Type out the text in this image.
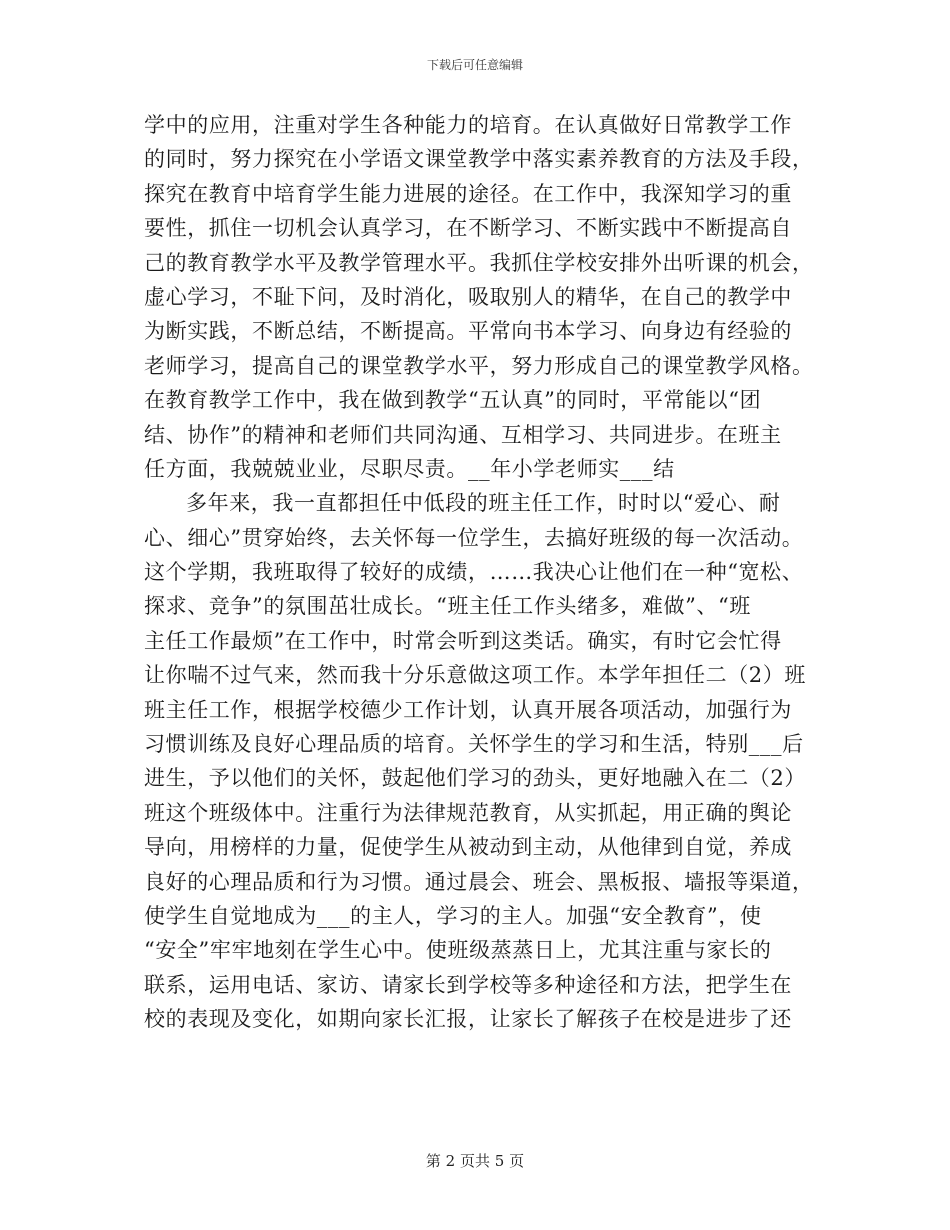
下载后可任意编辑
学中的应用，注重对学生各种能力的培育。在认真做好日常教学工作
的同时，努力探究在小学语文课堂教学中落实素养教育的方法及手段，
探究在教育中培育学生能力进展的途径。在工作中，我深知学习的重
要性，抓住一切机会认真学习，在不断学习、不断实践中不断提高自
己的教育教学水平及教学管理水平。我抓住学校安排外出听课的机会，
虚心学习，不耻下问，及时消化，吸取别人的精华，在自己的教学中
为断实践，不断总结，不断提高。平常向书本学习、向身边有经验的
老师学习，提高自己的课堂教学水平，努力形成自己的课堂教学风格。
在教育教学工作中，我在做到教学“五认真”的同时，平常能以“团
结、协作”的精神和老师们共同沟通、互相学习、共同进步。在班主
任方面，我兢兢业业，尽职尽责。__年小学老师实___结
多年来，我一直都担任中低段的班主任工作，时时以“爱心、耐
心、细心”贯穿始终，去关怀每一位学生，去搞好班级的每一次活动。
这个学期，我班取得了较好的成绩，……我决心让他们在一种“宽松、
探求、竞争”的氛围茁壮成长。“班主任工作头绪多，难做”、“班
主任工作最烦”在工作中，时常会听到这类话。确实，有时它会忙得
让你喘不过气来，然而我十分乐意做这项工作。本学年担任二（2）班
班主任工作，根据学校德少工作计划，认真开展各项活动，加强行为
习惯训练及良好心理品质的培育。关怀学生的学习和生活，特别___后
进生，予以他们的关怀，鼓起他们学习的劲头，更好地融入在二（2）
班这个班级体中。注重行为法律规范教育，从实抓起，用正确的舆论
导向，用榜样的力量，促使学生从被动到主动，从他律到自觉，养成
良好的心理品质和行为习惯。通过晨会、班会、黑板报、墙报等渠道，
使学生自觉地成为___的主人，学习的主人。加强“安全教育”，使
“安全”牢牢地刻在学生心中。使班级蒸蒸日上，尤其注重与家长的
联系，运用电话、家访、请家长到学校等多种途径和方法，把学生在
校的表现及变化，如期向家长汇报，让家长了解孩子在校是进步了还
第 2 页共 5 页
